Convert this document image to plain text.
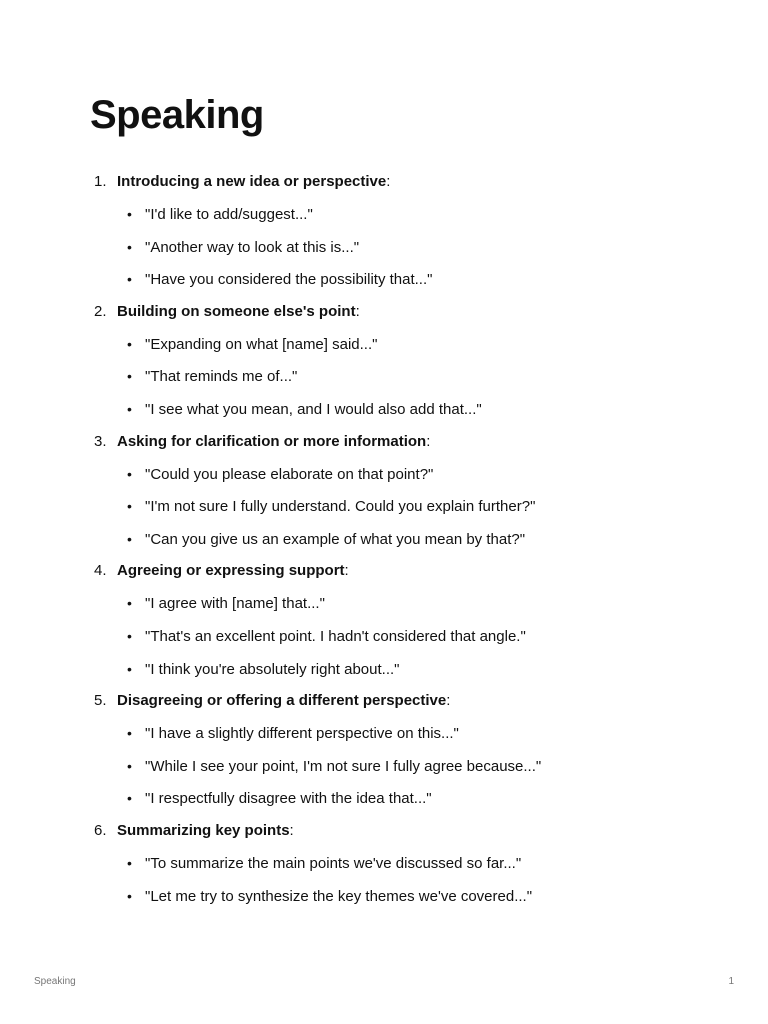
Speaking
1. Introducing a new idea or perspective:
• "I'd like to add/suggest..."
• "Another way to look at this is..."
• "Have you considered the possibility that..."
2. Building on someone else's point:
• "Expanding on what [name] said..."
• "That reminds me of..."
• "I see what you mean, and I would also add that..."
3. Asking for clarification or more information:
• "Could you please elaborate on that point?"
• "I'm not sure I fully understand. Could you explain further?"
• "Can you give us an example of what you mean by that?"
4. Agreeing or expressing support:
• "I agree with [name] that..."
• "That's an excellent point. I hadn't considered that angle."
• "I think you're absolutely right about..."
5. Disagreeing or offering a different perspective:
• "I have a slightly different perspective on this..."
• "While I see your point, I'm not sure I fully agree because..."
• "I respectfully disagree with the idea that..."
6. Summarizing key points:
• "To summarize the main points we've discussed so far..."
• "Let me try to synthesize the key themes we've covered..."
Speaking	1
